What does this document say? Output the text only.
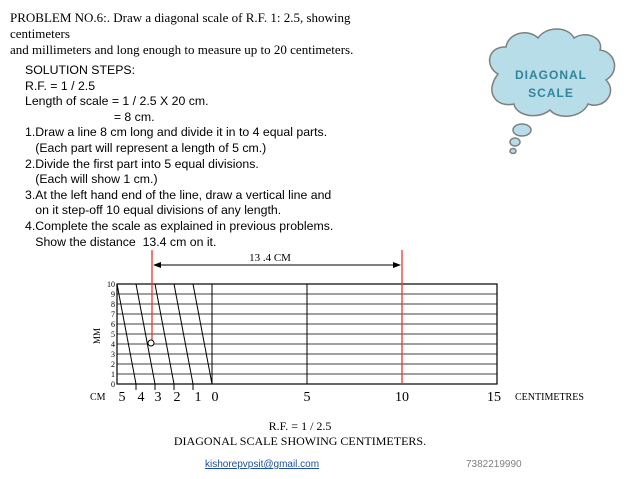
PROBLEM NO.6:. Draw a diagonal scale of R.F. 1: 2.5, showing centimeters
and millimeters and long enough to measure up to 20 centimeters.
SOLUTION STEPS:
R.F. = 1 / 2.5
Length of scale = 1 / 2.5 X 20 cm.
= 8 cm.
1.Draw a line 8 cm long and divide it in to 4 equal parts.
(Each part will represent a length of 5 cm.)
2.Divide the first part into 5 equal divisions.
(Each will show 1 cm.)
3.At the left hand end of the line, draw a vertical line and
on it step-off 10 equal divisions of any length.
4.Complete the scale as explained in previous problems.
Show the distance  13.4 cm on it.
DIAGONAL
SCALE
0
1
2
3
4
5
6
7
8
9
10
5 4 3 2 1 0	5	10	15
MM
CM	CENTIMETRES
13 .4 CM
R.F. = 1 / 2.5
DIAGONAL SCALE SHOWING CENTIMETERS.
kishorepvpsit@gmail.com	7382219990
